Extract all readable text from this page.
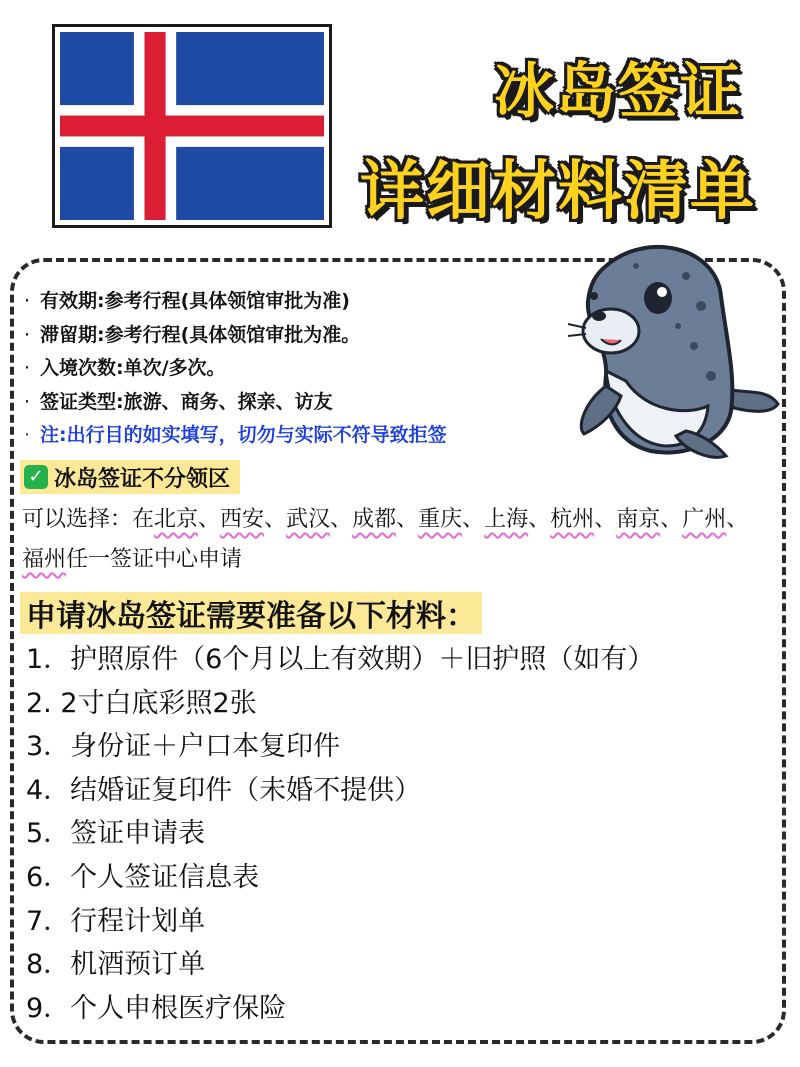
冰岛签证
详细材料清单
· 有效期:参考行程(具体领馆审批为准)
· 滞留期:参考行程(具体领馆审批为准。
· 入境次数:单次/多次。
· 签证类型:旅游、商务、探亲、访友
· 注:出行目的如实填写，切勿与实际不符导致拒签
✓ 冰岛签证不分领区
可以选择：在北京、西安、武汉、成都、重庆、上海、杭州、南京、广州、福州任一签证中心申请
申请冰岛签证需要准备以下材料：
1．护照原件（6个月以上有效期）＋旧护照（如有）
2. 2寸白底彩照2张
3．身份证＋户口本复印件
4．结婚证复印件（未婚不提供）
5．签证申请表
6．个人签证信息表
7．行程计划单
8．机酒预订单
9．个人申根医疗保险
